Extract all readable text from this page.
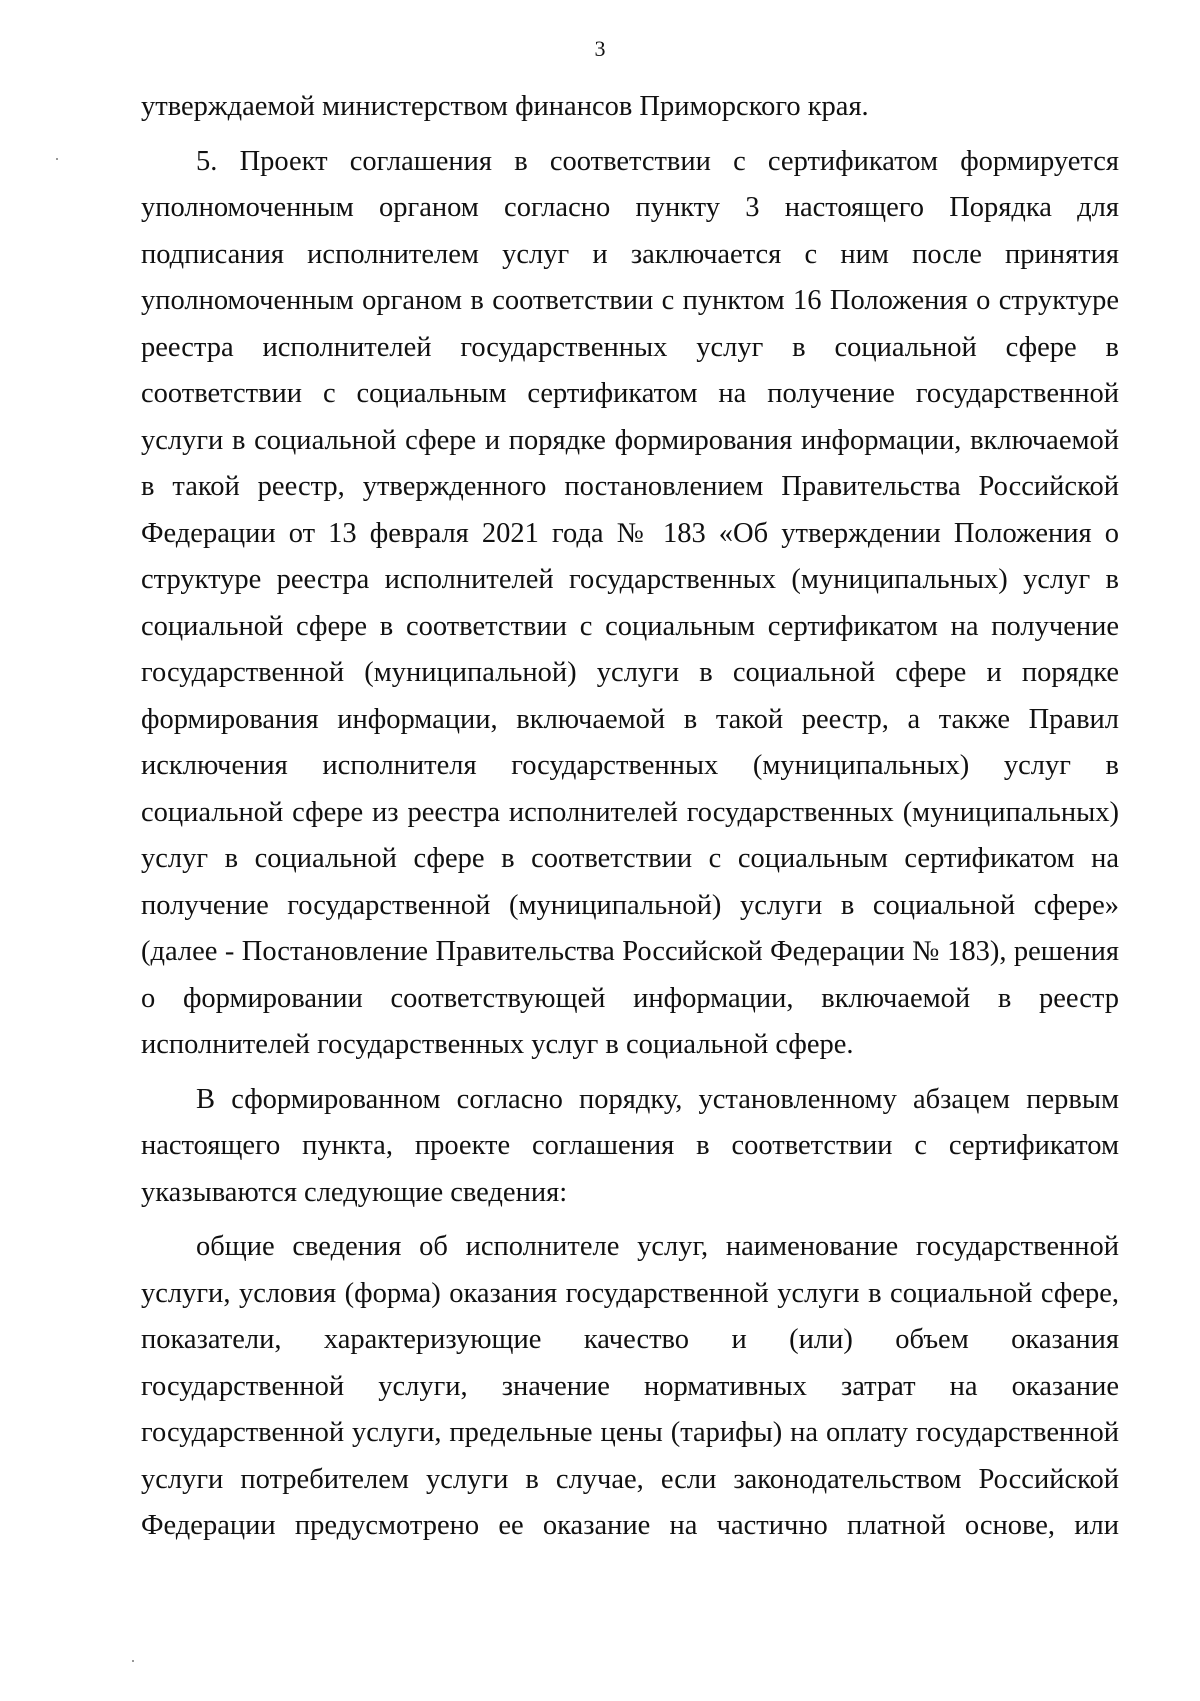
3
утверждаемой министерством финансов Приморского края.
5. Проект соглашения в соответствии с сертификатом формируется
уполномоченным органом согласно пункту 3 настоящего Порядка для
подписания исполнителем услуг и заключается с ним после принятия
уполномоченным органом в соответствии с пунктом 16 Положения о структуре
реестра исполнителей государственных услуг в социальной сфере в
соответствии с социальным сертификатом на получение государственной
услуги в социальной сфере и порядке формирования информации, включаемой
в такой реестр, утвержденного постановлением Правительства Российской
Федерации от 13 февраля 2021 года № 183 «Об утверждении Положения о
структуре реестра исполнителей государственных (муниципальных) услуг в
социальной сфере в соответствии с социальным сертификатом на получение
государственной (муниципальной) услуги в социальной сфере и порядке
формирования информации, включаемой в такой реестр, а также Правил
исключения исполнителя государственных (муниципальных) услуг в
социальной сфере из реестра исполнителей государственных (муниципальных)
услуг в социальной сфере в соответствии с социальным сертификатом на
получение государственной (муниципальной) услуги в социальной сфере»
(далее - Постановление Правительства Российской Федерации № 183), решения
о формировании соответствующей информации, включаемой в реестр
исполнителей государственных услуг в социальной сфере.
В сформированном согласно порядку, установленному абзацем первым
настоящего пункта, проекте соглашения в соответствии с сертификатом
указываются следующие сведения:
общие сведения об исполнителе услуг, наименование государственной
услуги, условия (форма) оказания государственной услуги в социальной сфере,
показатели, характеризующие качество и (или) объем оказания
государственной услуги, значение нормативных затрат на оказание
государственной услуги, предельные цены (тарифы) на оплату государственной
услуги потребителем услуги в случае, если законодательством Российской
Федерации предусмотрено ее оказание на частично платной основе, или
